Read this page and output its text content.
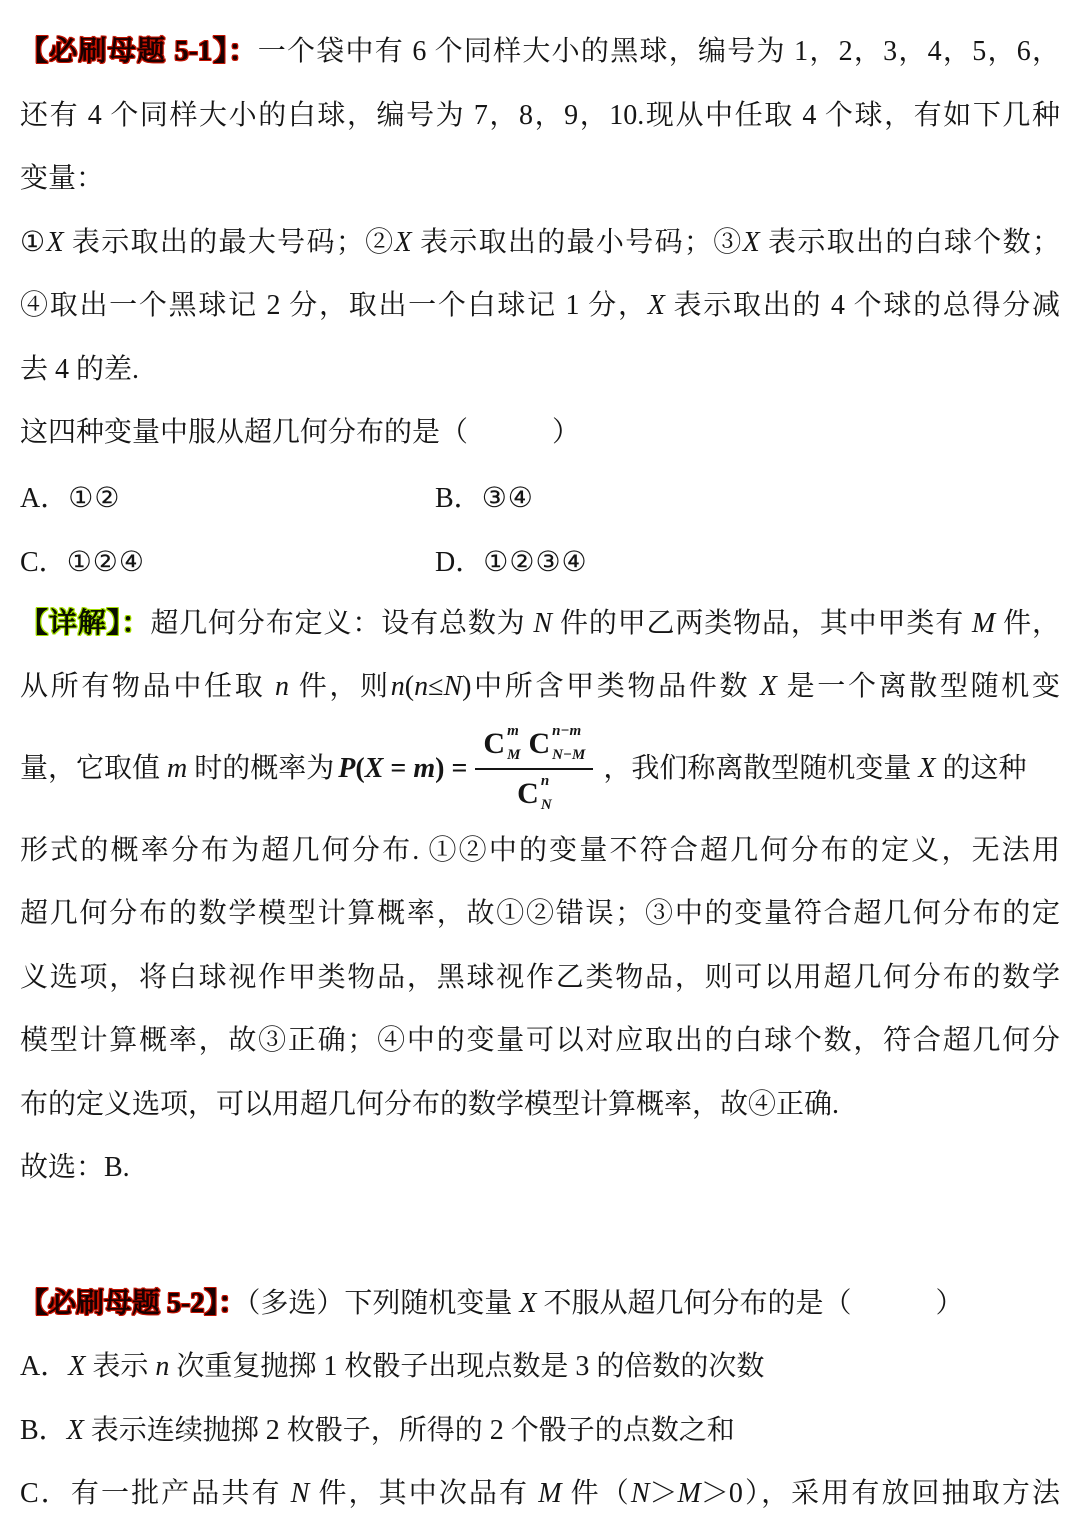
【必刷母题 5-1】：一个袋中有 6 个同样大小的黑球，编号为 1，2，3，4，5，6，
还有 4 个同样大小的白球，编号为 7，8，9，10.现从中任取 4 个球，有如下几种
变量：
①X 表示取出的最大号码；②X 表示取出的最小号码；③X 表示取出的白球个数；
④取出一个黑球记 2 分，取出一个白球记 1 分，X 表示取出的 4 个球的总得分减
去 4 的差.
这四种变量中服从超几何分布的是（　　　）
A．①②	B．③④
C．①②④	D．①②③④
【详解】：超几何分布定义：设有总数为 N 件的甲乙两类物品，其中甲类有 M 件，
从所有物品中任取 n 件，则n(n≤N)中所含甲类物品件数 X 是一个离散型随机变
量，它取值 m 时的概率为 P(X = m) =
C m
M C n−m
N−M
C n
N
，我们称离散型随机变量 X 的这种
形式的概率分布为超几何分布. ①②中的变量不符合超几何分布的定义，无法用
超几何分布的数学模型计算概率，故①②错误；③中的变量符合超几何分布的定
义选项，将白球视作甲类物品，黑球视作乙类物品，则可以用超几何分布的数学
模型计算概率，故③正确；④中的变量可以对应取出的白球个数，符合超几何分
布的定义选项，可以用超几何分布的数学模型计算概率，故④正确.
故选：B.
【必刷母题 5-2】：（多选）下列随机变量 X 不服从超几何分布的是（　　　）
A．X 表示 n 次重复抛掷 1 枚骰子出现点数是 3 的倍数的次数
B．X 表示连续抛掷 2 枚骰子，所得的 2 个骰子的点数之和
C．有一批产品共有 N 件，其中次品有 M 件（N＞M＞0），采用有放回抽取方法
